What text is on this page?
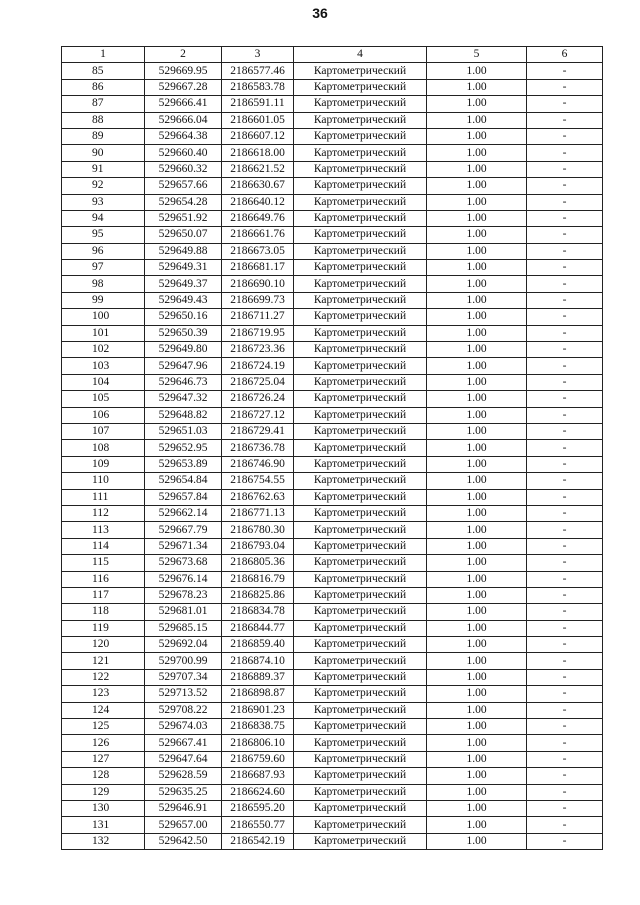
36
1	2	3	4	5	6
85	529669.95	2186577.46	Картометрический	1.00	-
86	529667.28	2186583.78	Картометрический	1.00	-
87	529666.41	2186591.11	Картометрический	1.00	-
88	529666.04	2186601.05	Картометрический	1.00	-
89	529664.38	2186607.12	Картометрический	1.00	-
90	529660.40	2186618.00	Картометрический	1.00	-
91	529660.32	2186621.52	Картометрический	1.00	-
92	529657.66	2186630.67	Картометрический	1.00	-
93	529654.28	2186640.12	Картометрический	1.00	-
94	529651.92	2186649.76	Картометрический	1.00	-
95	529650.07	2186661.76	Картометрический	1.00	-
96	529649.88	2186673.05	Картометрический	1.00	-
97	529649.31	2186681.17	Картометрический	1.00	-
98	529649.37	2186690.10	Картометрический	1.00	-
99	529649.43	2186699.73	Картометрический	1.00	-
100	529650.16	2186711.27	Картометрический	1.00	-
101	529650.39	2186719.95	Картометрический	1.00	-
102	529649.80	2186723.36	Картометрический	1.00	-
103	529647.96	2186724.19	Картометрический	1.00	-
104	529646.73	2186725.04	Картометрический	1.00	-
105	529647.32	2186726.24	Картометрический	1.00	-
106	529648.82	2186727.12	Картометрический	1.00	-
107	529651.03	2186729.41	Картометрический	1.00	-
108	529652.95	2186736.78	Картометрический	1.00	-
109	529653.89	2186746.90	Картометрический	1.00	-
110	529654.84	2186754.55	Картометрический	1.00	-
111	529657.84	2186762.63	Картометрический	1.00	-
112	529662.14	2186771.13	Картометрический	1.00	-
113	529667.79	2186780.30	Картометрический	1.00	-
114	529671.34	2186793.04	Картометрический	1.00	-
115	529673.68	2186805.36	Картометрический	1.00	-
116	529676.14	2186816.79	Картометрический	1.00	-
117	529678.23	2186825.86	Картометрический	1.00	-
118	529681.01	2186834.78	Картометрический	1.00	-
119	529685.15	2186844.77	Картометрический	1.00	-
120	529692.04	2186859.40	Картометрический	1.00	-
121	529700.99	2186874.10	Картометрический	1.00	-
122	529707.34	2186889.37	Картометрический	1.00	-
123	529713.52	2186898.87	Картометрический	1.00	-
124	529708.22	2186901.23	Картометрический	1.00	-
125	529674.03	2186838.75	Картометрический	1.00	-
126	529667.41	2186806.10	Картометрический	1.00	-
127	529647.64	2186759.60	Картометрический	1.00	-
128	529628.59	2186687.93	Картометрический	1.00	-
129	529635.25	2186624.60	Картометрический	1.00	-
130	529646.91	2186595.20	Картометрический	1.00	-
131	529657.00	2186550.77	Картометрический	1.00	-
132	529642.50	2186542.19	Картометрический	1.00	-
